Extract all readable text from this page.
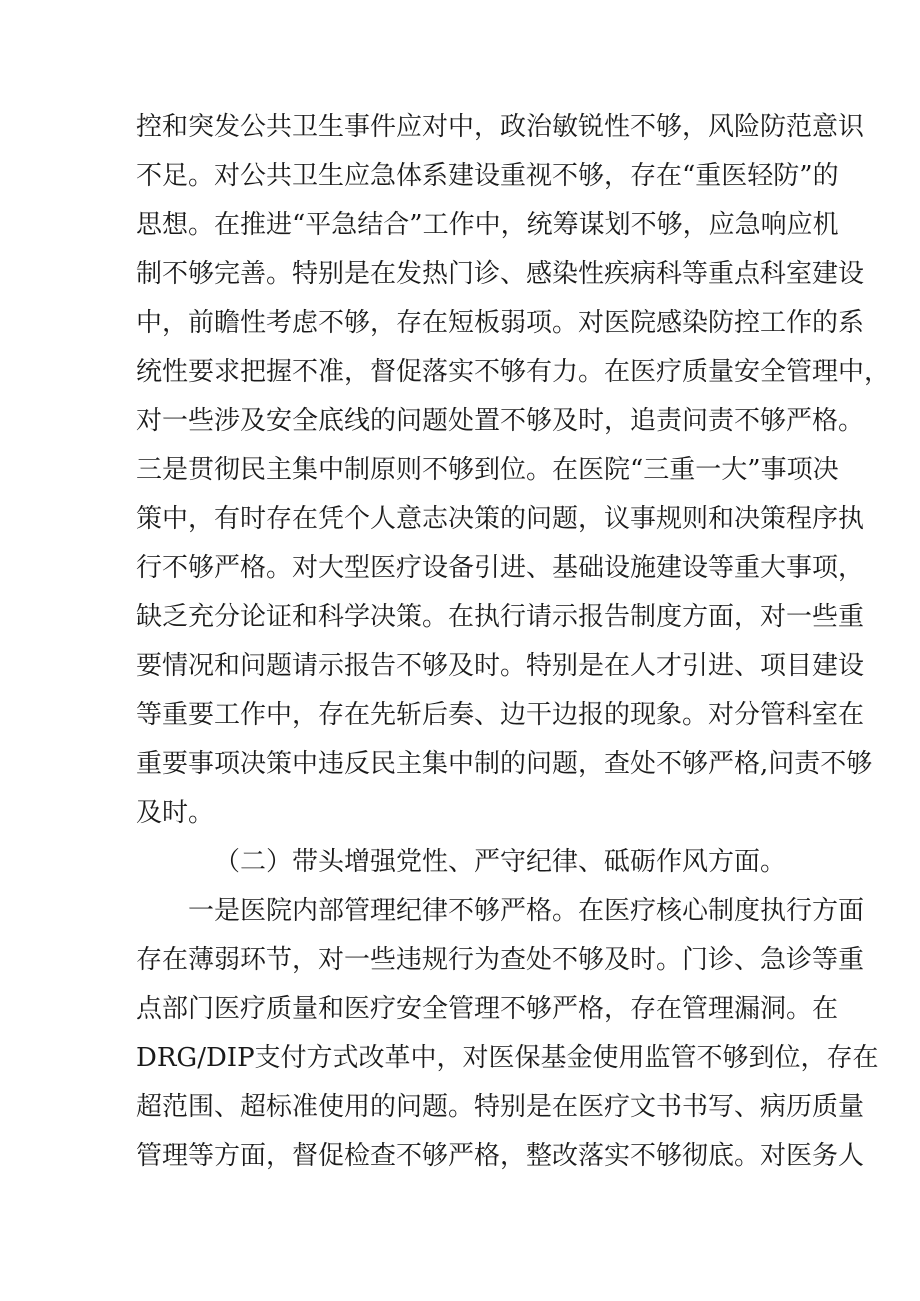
控和突发公共卫生事件应对中，政治敏锐性不够，风险防范意识
不足。对公共卫生应急体系建设重视不够，存在“重医轻防”的
思想。在推进“平急结合”工作中，统筹谋划不够，应急响应机
制不够完善。特别是在发热门诊、感染性疾病科等重点科室建设
中，前瞻性考虑不够，存在短板弱项。对医院感染防控工作的系
统性要求把握不准，督促落实不够有力。在医疗质量安全管理中，
对一些涉及安全底线的问题处置不够及时，追责问责不够严格。
三是贯彻民主集中制原则不够到位。在医院“三重一大”事项决
策中，有时存在凭个人意志决策的问题，议事规则和决策程序执
行不够严格。对大型医疗设备引进、基础设施建设等重大事项，
缺乏充分论证和科学决策。在执行请示报告制度方面，对一些重
要情况和问题请示报告不够及时。特别是在人才引进、项目建设
等重要工作中，存在先斩后奏、边干边报的现象。对分管科室在
重要事项决策中违反民主集中制的问题，查处不够严格,问责不够
及时。
（二）带头增强党性、严守纪律、砥砺作风方面。
一是医院内部管理纪律不够严格。在医疗核心制度执行方面
存在薄弱环节，对一些违规行为查处不够及时。门诊、急诊等重
点部门医疗质量和医疗安全管理不够严格，存在管理漏洞。在
DRG/DIP支付方式改革中，对医保基金使用监管不够到位，存在
超范围、超标准使用的问题。特别是在医疗文书书写、病历质量
管理等方面，督促检查不够严格，整改落实不够彻底。对医务人
